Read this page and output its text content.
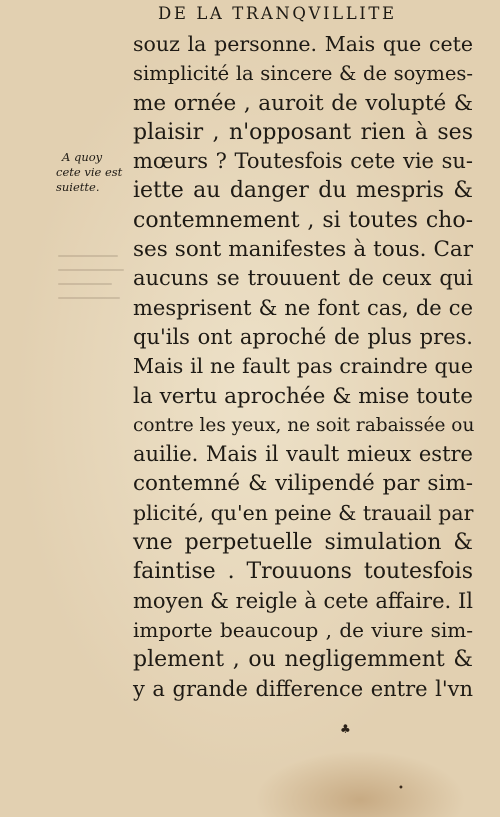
DE LA TRANQVILLITE
A quoy
cete vie est
suiette.
souz la personne. Mais que cete
simplicité la sincere & de soymes-
me ornée , auroit de volupté &
plaisir , n'opposant rien à ses
mœurs ? Toutesfois cete vie su-
iette au danger du mespris &
contemnement , si toutes cho-
ses sont manifestes à tous. Car
aucuns se trouuent de ceux qui
mesprisent & ne font cas, de ce
qu'ils ont aproché de plus pres.
Mais il ne fault pas craindre que
la vertu aprochée & mise toute
contre les yeux, ne soit rabaissée ou
auilie. Mais il vault mieux estre
contemné & vilipendé par sim-
plicité, qu'en peine & trauail par
vne perpetuelle simulation &
faintise . Trouuons toutesfois
moyen & reigle à cete affaire. Il
importe beaucoup , de viure sim-
plement , ou negligemment &
y a grande difference entre l'vn
♣
•
